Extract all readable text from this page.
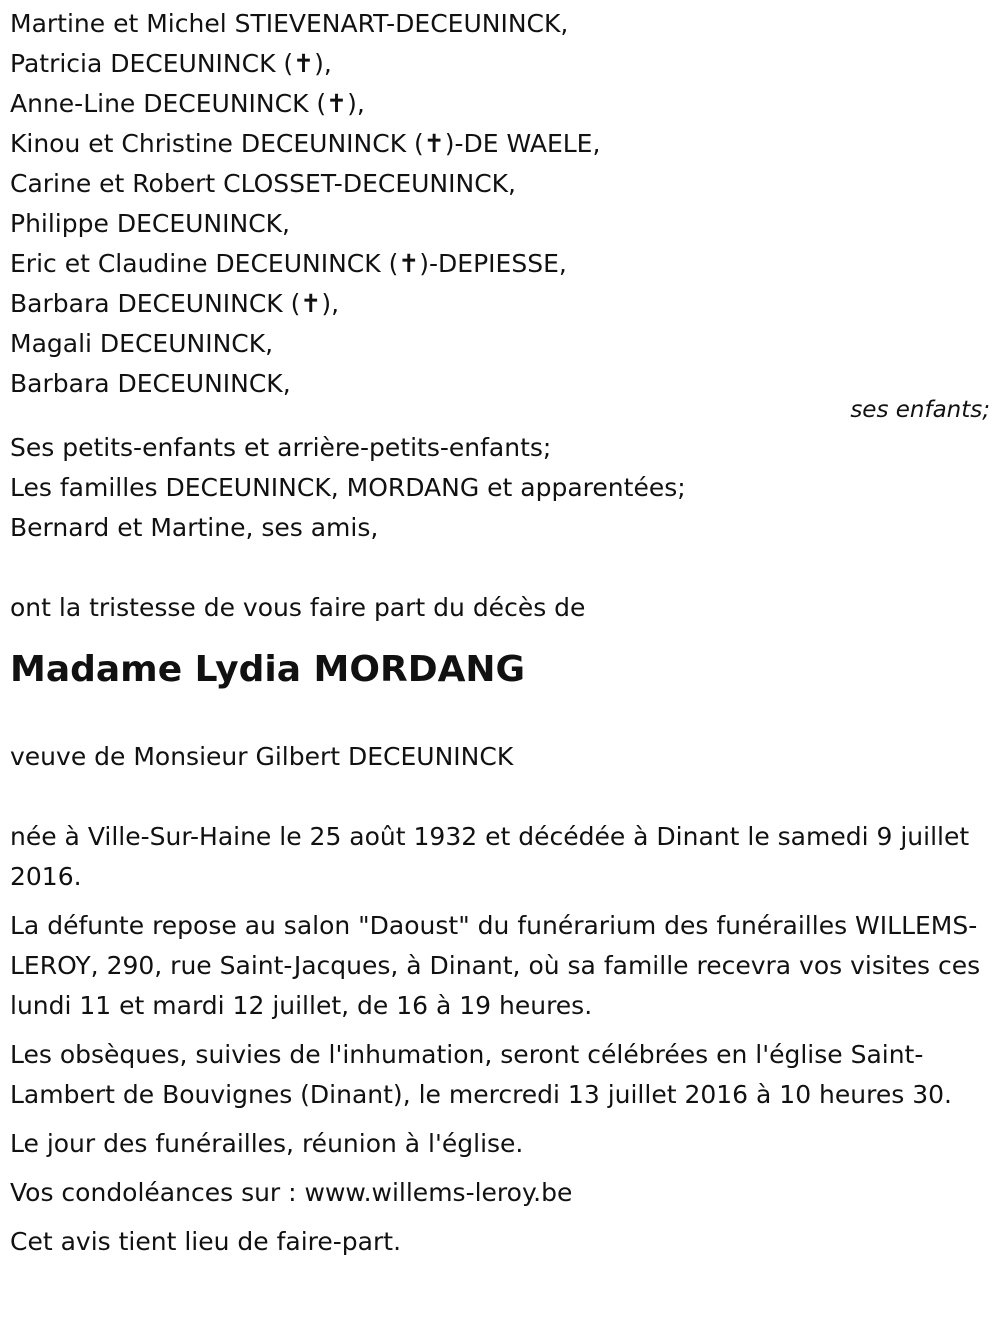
Martine et Michel STIEVENART-DECEUNINCK,
Patricia DECEUNINCK (✝),
Anne-Line DECEUNINCK (✝),
Kinou et Christine DECEUNINCK (✝)-DE WAELE,
Carine et Robert CLOSSET-DECEUNINCK,
Philippe DECEUNINCK,
Eric et Claudine DECEUNINCK (✝)-DEPIESSE,
Barbara DECEUNINCK (✝),
Magali DECEUNINCK,
Barbara DECEUNINCK,
ses enfants;
Ses petits-enfants et arrière-petits-enfants;
Les familles DECEUNINCK, MORDANG et apparentées;
Bernard et Martine, ses amis,
ont la tristesse de vous faire part du décès de
Madame Lydia MORDANG
veuve de Monsieur Gilbert DECEUNINCK

née à Ville-Sur-Haine le 25 août 1932 et décédée à Dinant le samedi 9 juillet 2016.

La défunte repose au salon "Daoust" du funérarium des funérailles WILLEMS-LEROY, 290, rue Saint-Jacques, à Dinant, où sa famille recevra vos visites ces lundi 11 et mardi 12 juillet, de 16 à 19 heures.

Les obsèques, suivies de l'inhumation, seront célébrées en l'église Saint-Lambert de Bouvignes (Dinant), le mercredi 13 juillet 2016 à 10 heures 30.

Le jour des funérailles, réunion à l'église.

Vos condoléances sur : www.willems-leroy.be

Cet avis tient lieu de faire-part.
